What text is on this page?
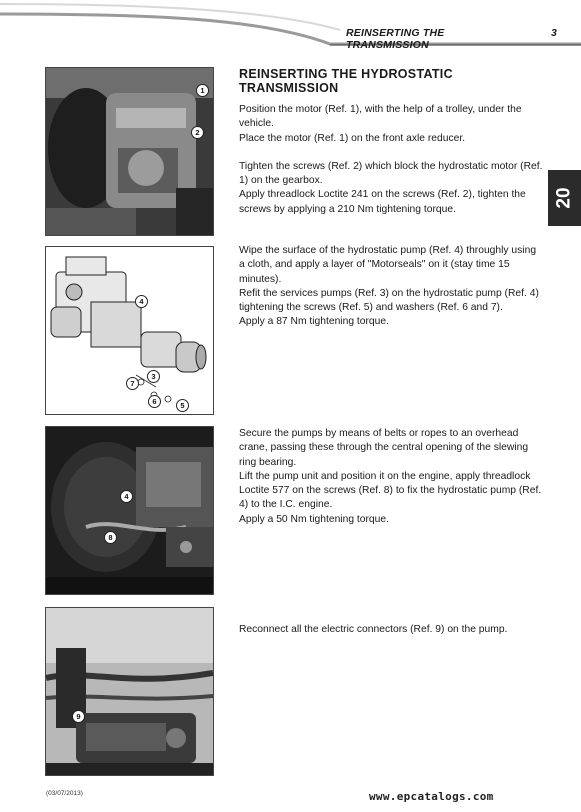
REINSERTING THE TRANSMISSION
3
20
REINSERTING THE HYDROSTATIC TRANSMISSION
1
2

Position the motor (Ref. 1), with the help of a trolley, under the vehicle.
Place the motor (Ref. 1) on the front axle reducer.

Tighten the screws (Ref. 2) which block the hydrostatic motor (Ref. 1) on the gearbox.
Apply threadlock Loctite 241 on the screws (Ref. 2), tighten the screws by applying a 210 Nm tightening torque.

4
3
7
6	5

Wipe the surface of the hydrostatic pump (Ref. 4) throughly using a cloth, and apply a layer of "Motorseals" on it (stay time 15 minutes).
Refit the services pumps (Ref. 3) on the hydrostatic pump (Ref. 4) tightening the screws (Ref. 5) and washers (Ref. 6 and 7).
Apply a 87 Nm tightening torque.

4
8

Secure the pumps by means of belts or ropes to an overhead crane, passing these through the central opening of the slewing ring bearing.
Lift the pump unit and position it on the engine, apply threadlock Loctite 577 on the screws (Ref. 8) to fix the hydrostatic pump (Ref. 4) to the I.C. engine.
Apply a 50 Nm tightening torque.

9

Reconnect all the electric connectors (Ref. 9) on the pump.

(03/07/2013)	www.epcatalogs.com
